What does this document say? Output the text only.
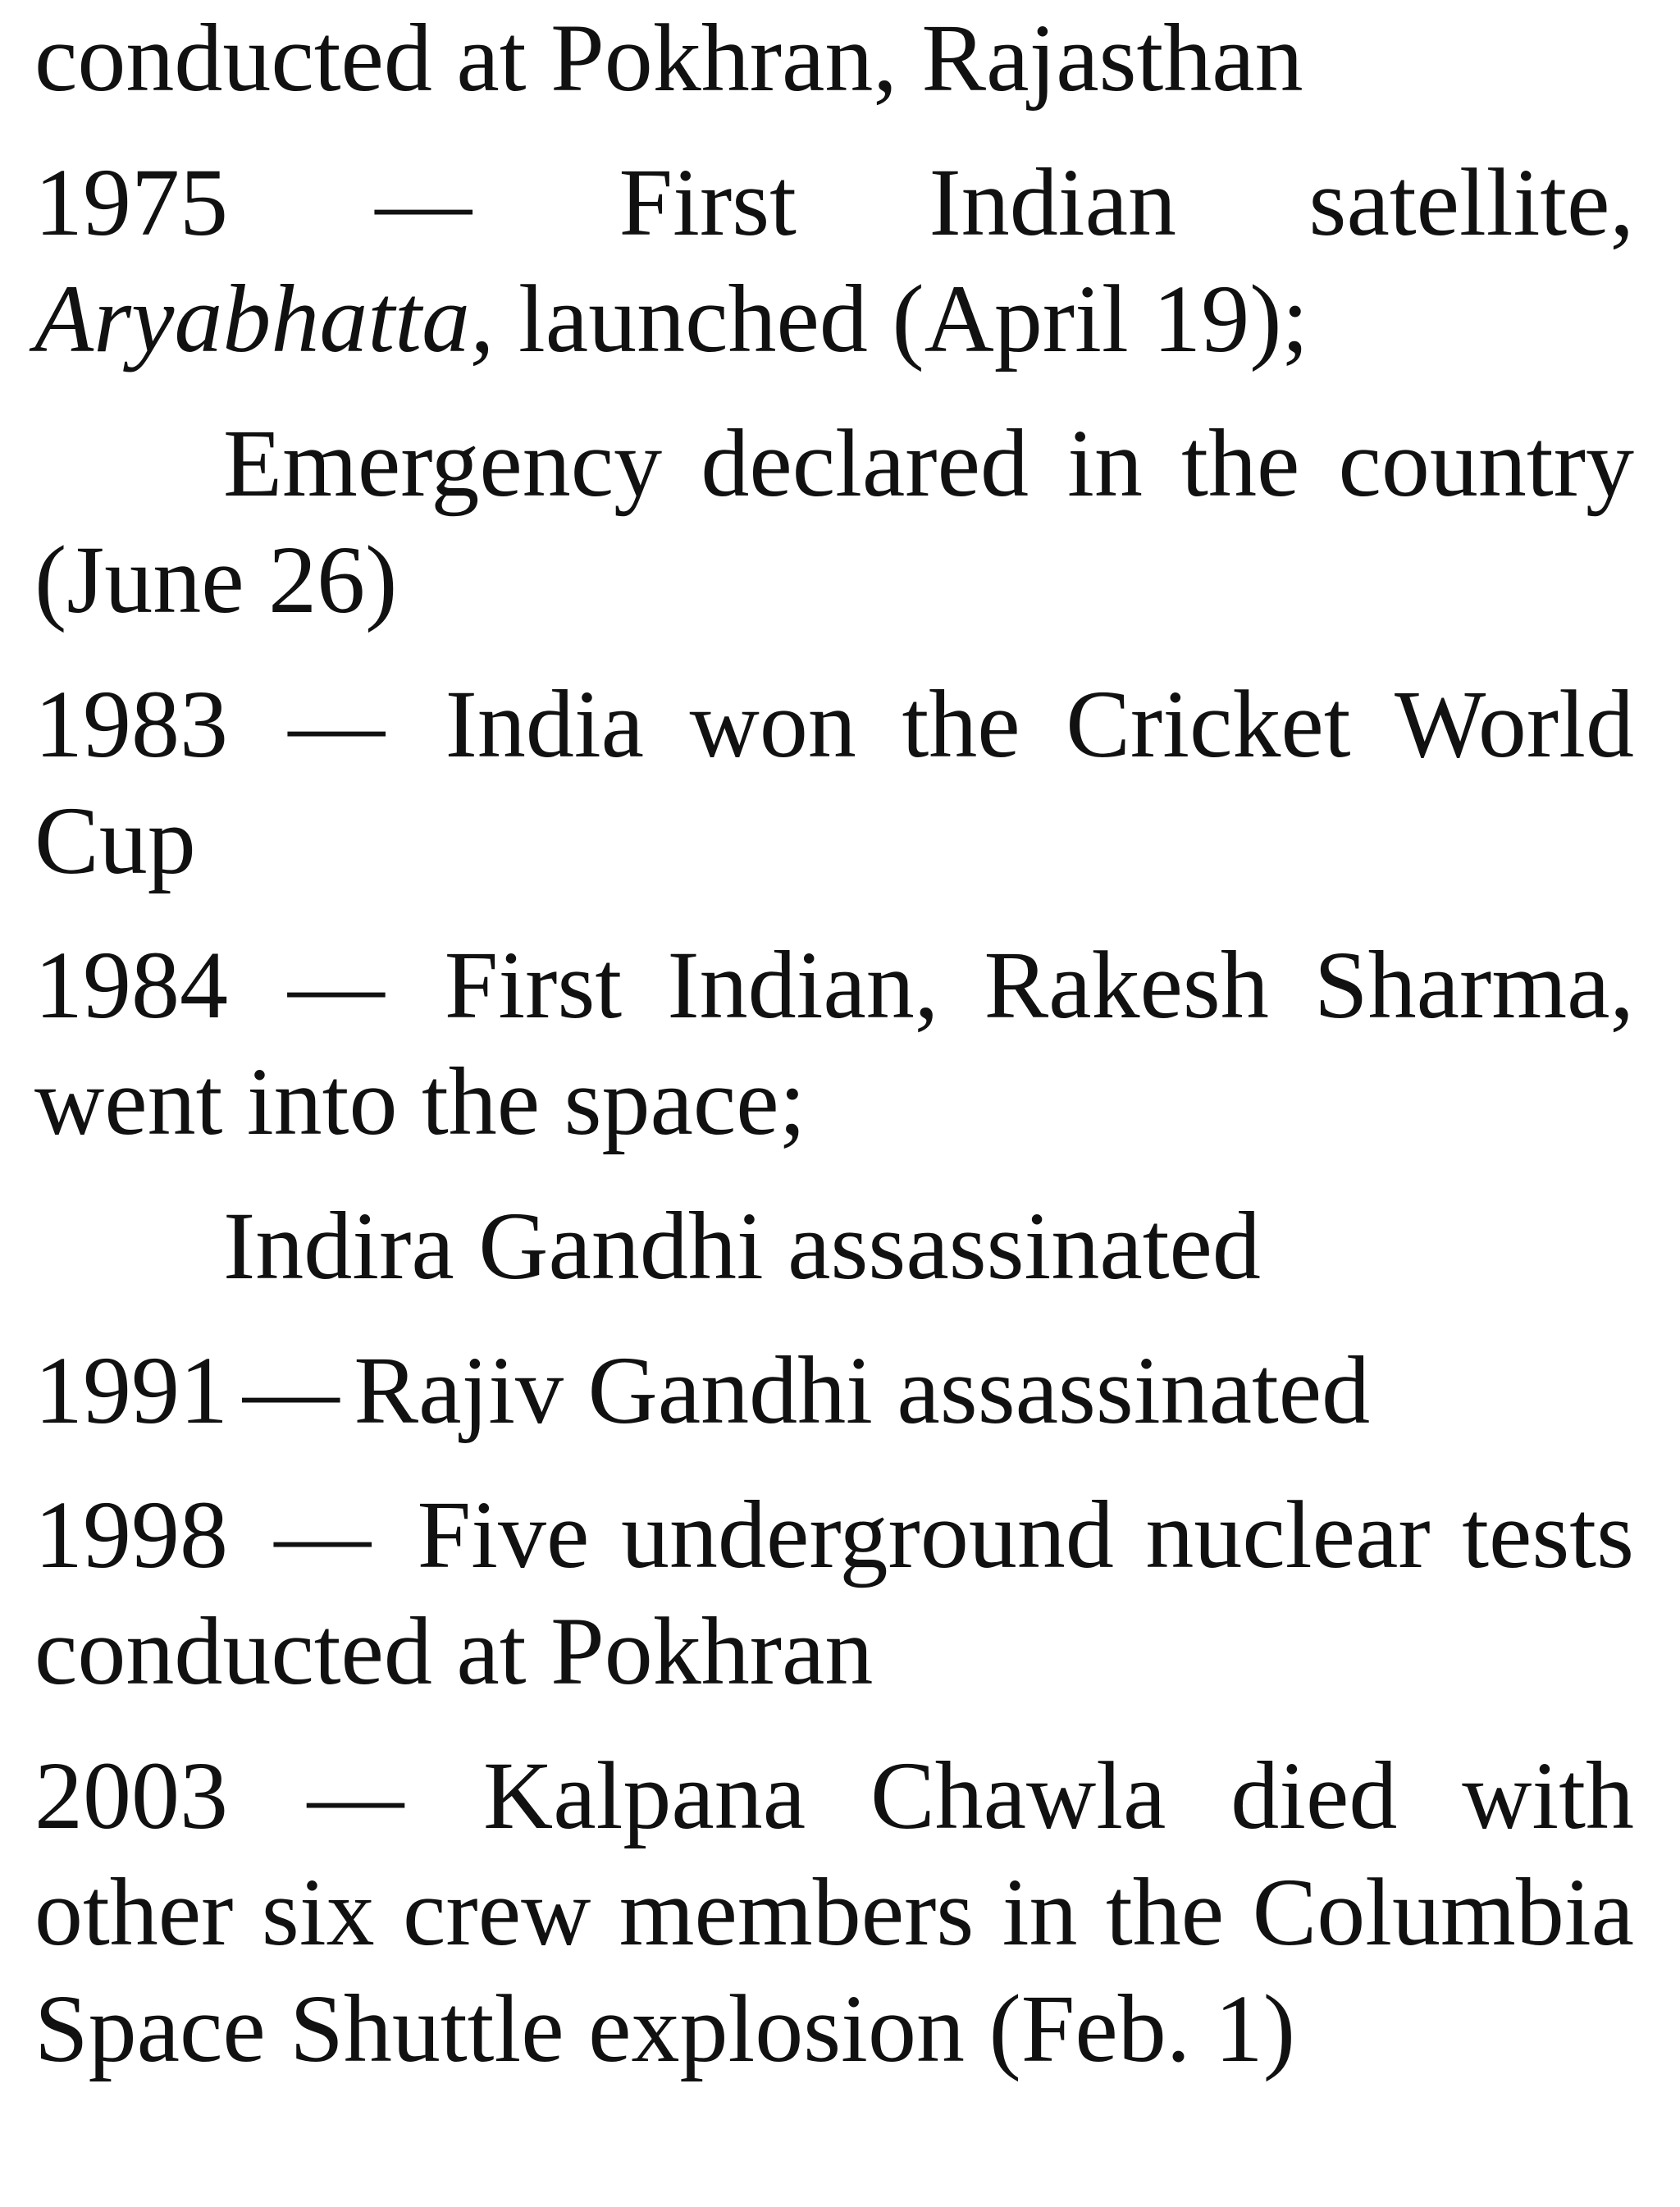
conducted at Pokhran, Rajasthan

1975 — First Indian satellite, Aryabhatta, launched (April 19);

Emergency declared in the country (June 26)

1983 — India won the Cricket World Cup

1984 — First Indian, Rakesh Sharma, went into the space;

Indira Gandhi assassinated

1991 — Rajiv Gandhi assassinated

1998 — Five underground nuclear tests conducted at Pokhran

2003 — Kalpana Chawla died with other six crew members in the Columbia Space Shuttle explosion (Feb. 1)
